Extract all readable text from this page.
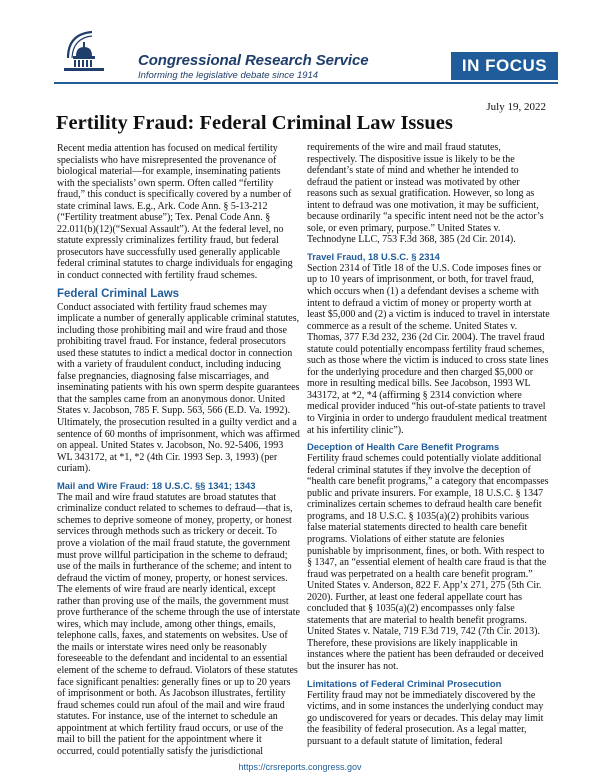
Congressional Research Service
Informing the legislative debate since 1914
IN FOCUS
July 19, 2022
Fertility Fraud: Federal Criminal Law Issues

Recent media attention has focused on medical fertility specialists who have misrepresented the provenance of biological material—for example, inseminating patients with the specialists’ own sperm. Often called “fertility fraud,” this conduct is specifically covered by a number of state criminal laws. E.g., Ark. Code Ann. § 5-13-212 (“Fertility treatment abuse”); Tex. Penal Code Ann. § 22.011(b)(12)(“Sexual Assault”). At the federal level, no statute expressly criminalizes fertility fraud, but federal prosecutors have successfully used generally applicable federal criminal statutes to charge individuals for engaging in conduct connected with fertility fraud schemes.

Federal Criminal Laws

Conduct associated with fertility fraud schemes may implicate a number of generally applicable criminal statutes, including those prohibiting mail and wire fraud and those prohibiting travel fraud. For instance, federal prosecutors used these statutes to indict a medical doctor in connection with a variety of fraudulent conduct, including inducing false pregnancies, diagnosing false miscarriages, and inseminating patients with his own sperm despite guarantees that the samples came from an anonymous donor. United States v. Jacobson, 785 F. Supp. 563, 566 (E.D. Va. 1992). Ultimately, the prosecution resulted in a guilty verdict and a sentence of 60 months of imprisonment, which was affirmed on appeal. United States v. Jacobson, No. 92-5406, 1993 WL 343172, at *1, *2 (4th Cir. 1993 Sep. 3, 1993) (per curiam).

Mail and Wire Fraud: 18 U.S.C. §§ 1341; 1343

The mail and wire fraud statutes are broad statutes that criminalize conduct related to schemes to defraud—that is, schemes to deprive someone of money, property, or honest services through methods such as trickery or deceit. To prove a violation of the mail fraud statute, the government must prove willful participation in the scheme to defraud; use of the mails in furtherance of the scheme; and intent to defraud the victim of money, property, or honest services. The elements of wire fraud are nearly identical, except rather than proving use of the mails, the government must prove furtherance of the scheme through the use of interstate wires, which may include, among other things, emails, telephone calls, faxes, and statements on websites. Use of the mails or interstate wires need only be reasonably foreseeable to the defendant and incidental to an essential element of the scheme to defraud. Violators of these statutes face significant penalties: generally fines or up to 20 years of imprisonment or both. As Jacobson illustrates, fertility fraud schemes could run afoul of the mail and wire fraud statutes. For instance, use of the internet to schedule an appointment at which fertility fraud occurs, or use of the mail to bill the patient for the appointment where it occurred, could potentially satisfy the jurisdictional

requirements of the wire and mail fraud statutes, respectively. The dispositive issue is likely to be the defendant’s state of mind and whether he intended to defraud the patient or instead was motivated by other reasons such as sexual gratification. However, so long as intent to defraud was one motivation, it may be sufficient, because ordinarily “a specific intent need not be the actor’s sole, or even primary, purpose.” United States v. Technodyne LLC, 753 F.3d 368, 385 (2d Cir. 2014).

Travel Fraud, 18 U.S.C. § 2314

Section 2314 of Title 18 of the U.S. Code imposes fines or up to 10 years of imprisonment, or both, for travel fraud, which occurs when (1) a defendant devises a scheme with intent to defraud a victim of money or property worth at least $5,000 and (2) a victim is induced to travel in interstate commerce as a result of the scheme. United States v. Thomas, 377 F.3d 232, 236 (2d Cir. 2004). The travel fraud statute could potentially encompass fertility fraud schemes, such as those where the victim is induced to cross state lines for the underlying procedure and then charged $5,000 or more in resulting medical bills. See Jacobson, 1993 WL 343172, at *2, *4 (affirming § 2314 conviction where medical provider induced “his out-of-state patients to travel to Virginia in order to undergo fraudulent medical treatment at his infertility clinic”).

Deception of Health Care Benefit Programs

Fertility fraud schemes could potentially violate additional federal criminal statutes if they involve the deception of “health care benefit programs,” a category that encompasses public and private insurers. For example, 18 U.S.C. § 1347 criminalizes certain schemes to defraud health care benefit programs, and 18 U.S.C. § 1035(a)(2) prohibits various false material statements directed to health care benefit programs. Violations of either statute are felonies punishable by imprisonment, fines, or both. With respect to § 1347, an “essential element of health care fraud is that the fraud was perpetrated on a health care benefit program.” United States v. Anderson, 822 F. App’x 271, 275 (5th Cir. 2020). Further, at least one federal appellate court has concluded that § 1035(a)(2) encompasses only false statements that are material to health benefit programs. United States v. Natale, 719 F.3d 719, 742 (7th Cir. 2013). Therefore, these provisions are likely inapplicable in instances where the patient has been defrauded or deceived but the insurer has not.

Limitations of Federal Criminal Prosecution

Fertility fraud may not be immediately discovered by the victims, and in some instances the underlying conduct may go undiscovered for years or decades. This delay may limit the feasibility of federal prosecution. As a legal matter, pursuant to a default statute of limitation, federal

https://crsreports.congress.gov
